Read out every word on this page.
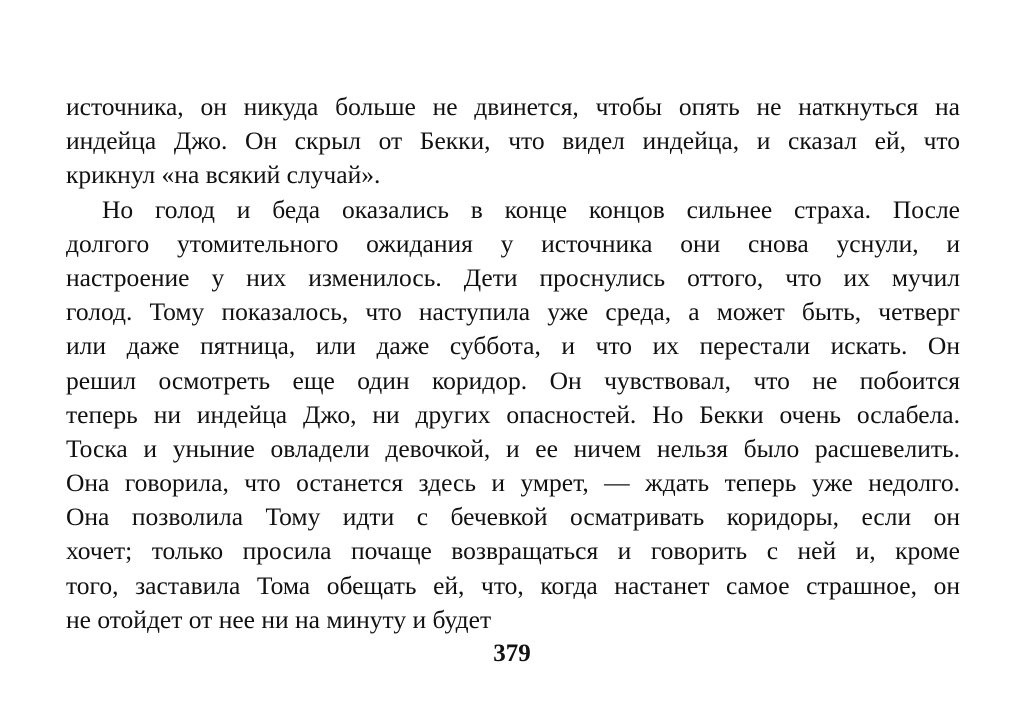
источника, он никуда больше не двинется, чтобы опять не наткнуться на
индейца Джо. Он скрыл от Бекки, что видел индейца, и сказал ей, что
крикнул «на всякий случай».
Но голод и беда оказались в конце концов сильнее страха. После
долгого утомительного ожидания у источника они снова уснули, и
настроение у них изменилось. Дети проснулись оттого, что их мучил
голод. Тому показалось, что наступила уже среда, а может быть, четверг
или даже пятница, или даже суббота, и что их перестали искать. Он
решил осмотреть еще один коридор. Он чувствовал, что не побоится
теперь ни индейца Джо, ни других опасностей. Но Бекки очень ослабела.
Тоска и уныние овладели девочкой, и ее ничем нельзя было расшевелить.
Она говорила, что останется здесь и умрет, — ждать теперь уже недолго.
Она позволила Тому идти с бечевкой осматривать коридоры, если он
хочет; только просила почаще возвращаться и говорить с ней и, кроме
того, заставила Тома обещать ей, что, когда настанет самое страшное, он
не отойдет от нее ни на минуту и будет
379
